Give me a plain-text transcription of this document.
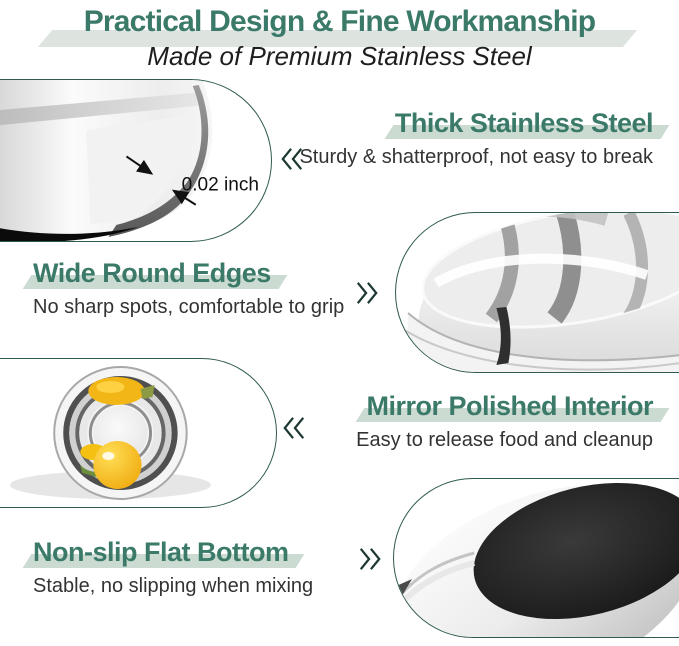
Practical Design & Fine Workmanship
Made of Premium Stainless Steel
0.02 inch
Thick Stainless Steel
Sturdy & shatterproof, not easy to break
Wide Round Edges
No sharp spots, comfortable to grip
Mirror Polished Interior
Easy to release food and cleanup
Non-slip Flat Bottom
Stable, no slipping when mixing
